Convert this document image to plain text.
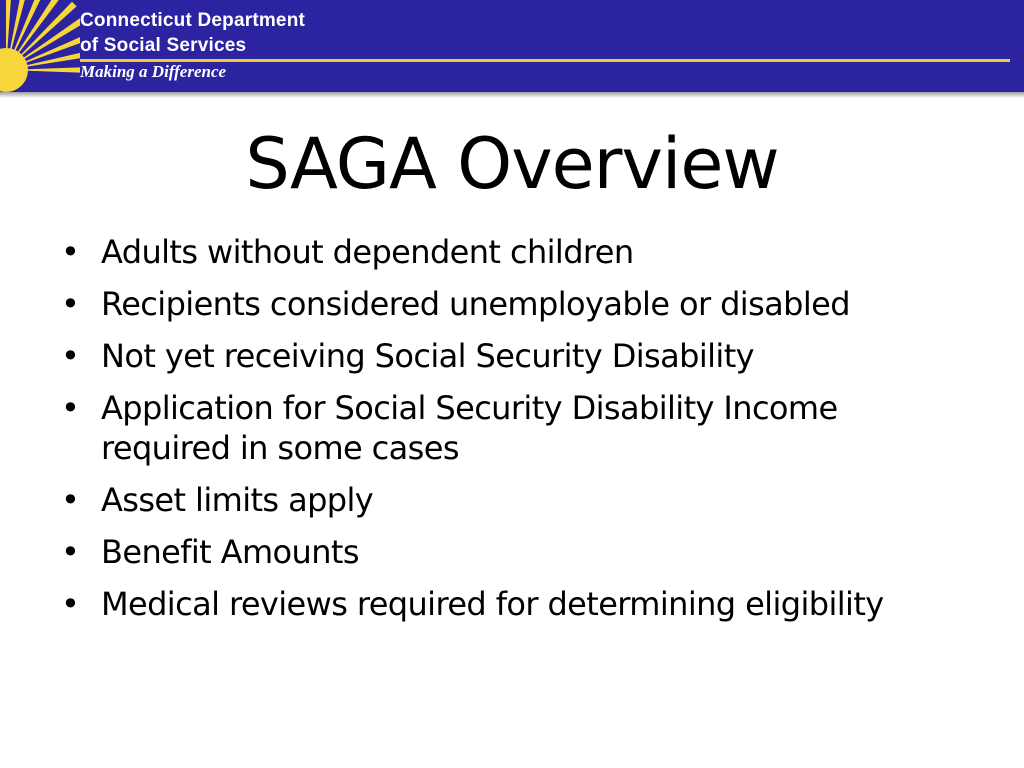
Connecticut Department
of Social Services
Making a Difference
SAGA Overview
• Adults without dependent children
• Recipients considered unemployable or disabled
• Not yet receiving Social Security Disability
• Application for Social Security Disability Income required in some cases
• Asset limits apply
• Benefit Amounts
• Medical reviews required for determining eligibility
